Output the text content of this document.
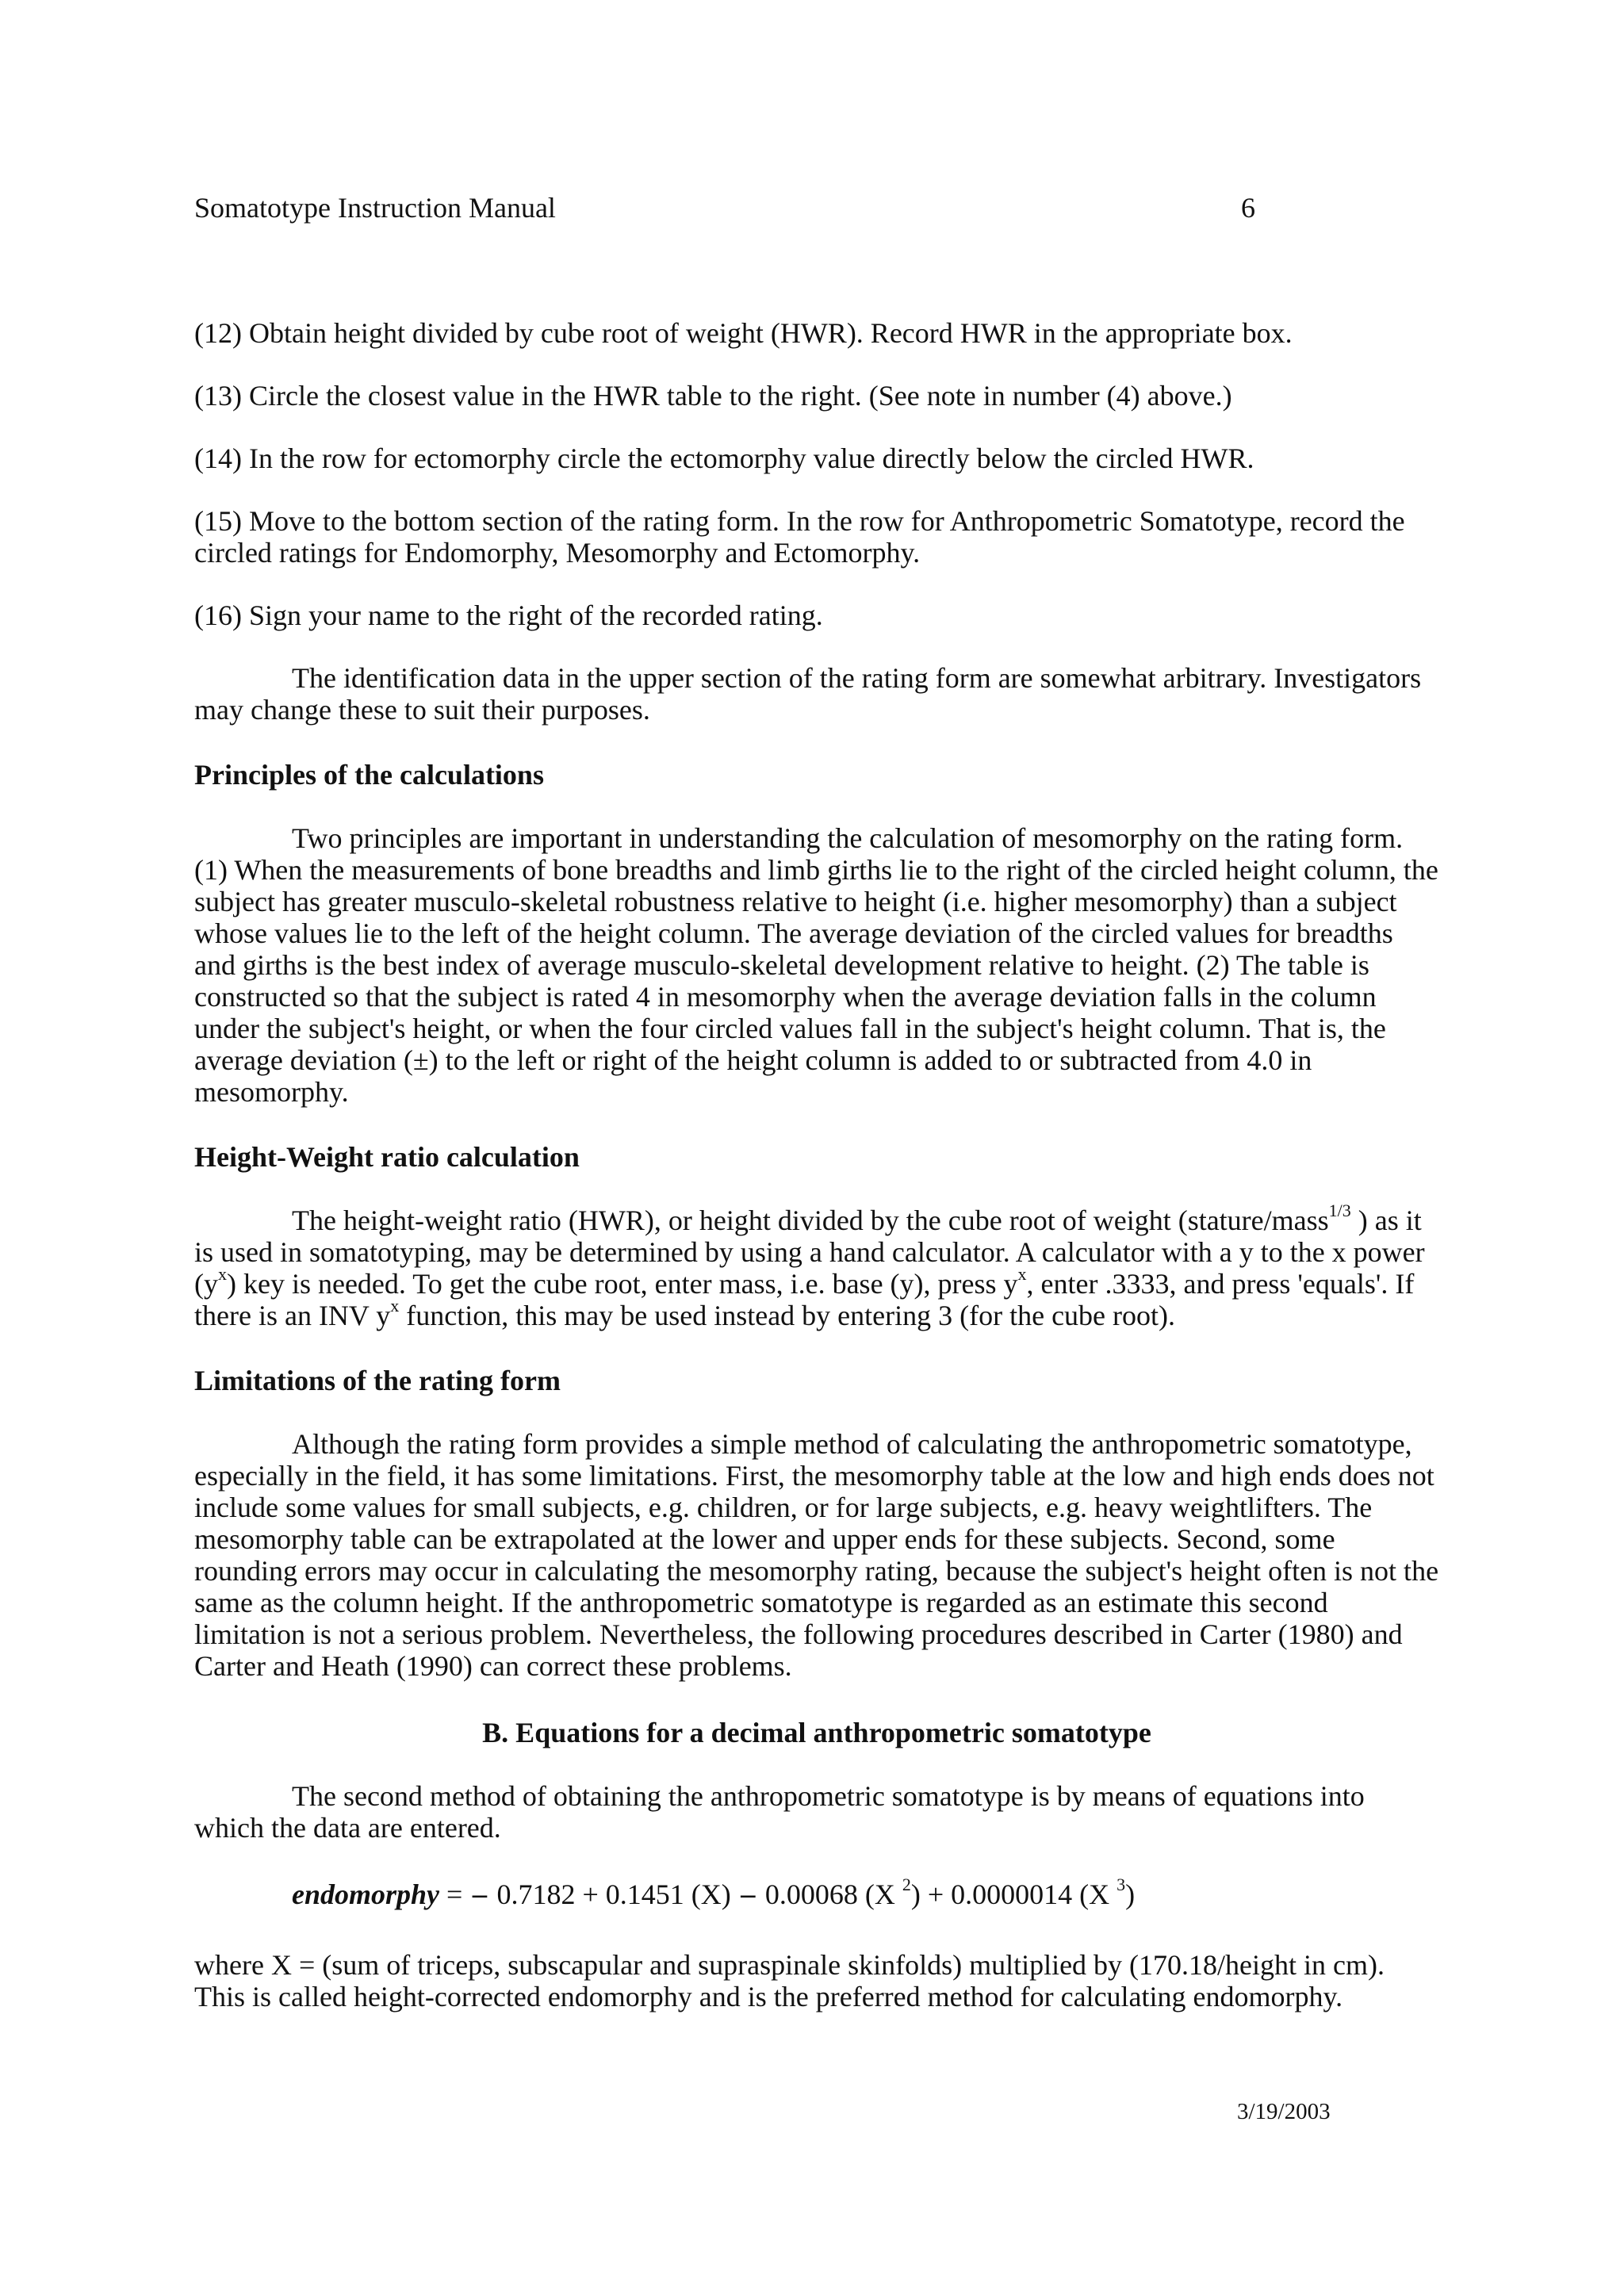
Somatotype Instruction Manual	6

(12) Obtain height divided by cube root of weight (HWR). Record HWR in the appropriate box.

(13) Circle the closest value in the HWR table to the right. (See note in number (4) above.)

(14) In the row for ectomorphy circle the ectomorphy value directly below the circled HWR.

(15) Move to the bottom section of the rating form. In the row for Anthropometric Somatotype, record the circled ratings for Endomorphy, Mesomorphy and Ectomorphy.

(16) Sign your name to the right of the recorded rating.

The identification data in the upper section of the rating form are somewhat arbitrary. Investigators may change these to suit their purposes.

Principles of the calculations

Two principles are important in understanding the calculation of mesomorphy on the rating form. (1) When the measurements of bone breadths and limb girths lie to the right of the circled height column, the subject has greater musculo-skeletal robustness relative to height (i.e. higher mesomorphy) than a subject whose values lie to the left of the height column. The average deviation of the circled values for breadths and girths is the best index of average musculo-skeletal development relative to height. (2) The table is constructed so that the subject is rated 4 in mesomorphy when the average deviation falls in the column under the subject's height, or when the four circled values fall in the subject's height column. That is, the average deviation (±) to the left or right of the height column is added to or subtracted from 4.0 in mesomorphy.

Height-Weight ratio calculation

The height-weight ratio (HWR), or height divided by the cube root of weight (stature/mass$^{1/3}$ ) as it is used in somatotyping, may be determined by using a hand calculator. A calculator with a y to the x power $(y^x)$ key is needed. To get the cube root, enter mass, i.e. base (y), press $y^x$, enter .3333, and press 'equals'. If there is an INV $y^x$ function, this may be used instead by entering 3 (for the cube root).

Limitations of the rating form

Although the rating form provides a simple method of calculating the anthropometric somatotype, especially in the field, it has some limitations. First, the mesomorphy table at the low and high ends does not include some values for small subjects, e.g. children, or for large subjects, e.g. heavy weightlifters. The mesomorphy table can be extrapolated at the lower and upper ends for these subjects. Second, some rounding errors may occur in calculating the mesomorphy rating, because the subject's height often is not the same as the column height. If the anthropometric somatotype is regarded as an estimate this second limitation is not a serious problem. Nevertheless, the following procedures described in Carter (1980) and Carter and Heath (1990) can correct these problems.

B. Equations for a decimal anthropometric somatotype

The second method of obtaining the anthropometric somatotype is by means of equations into which the data are entered.

endomorphy = − 0.7182 + 0.1451 (X) − 0.00068 (X $^2$) + 0.0000014 (X $^3$)

where X = (sum of triceps, subscapular and supraspinale skinfolds) multiplied by (170.18/height in cm). This is called height-corrected endomorphy and is the preferred method for calculating endomorphy.

3/19/2003
